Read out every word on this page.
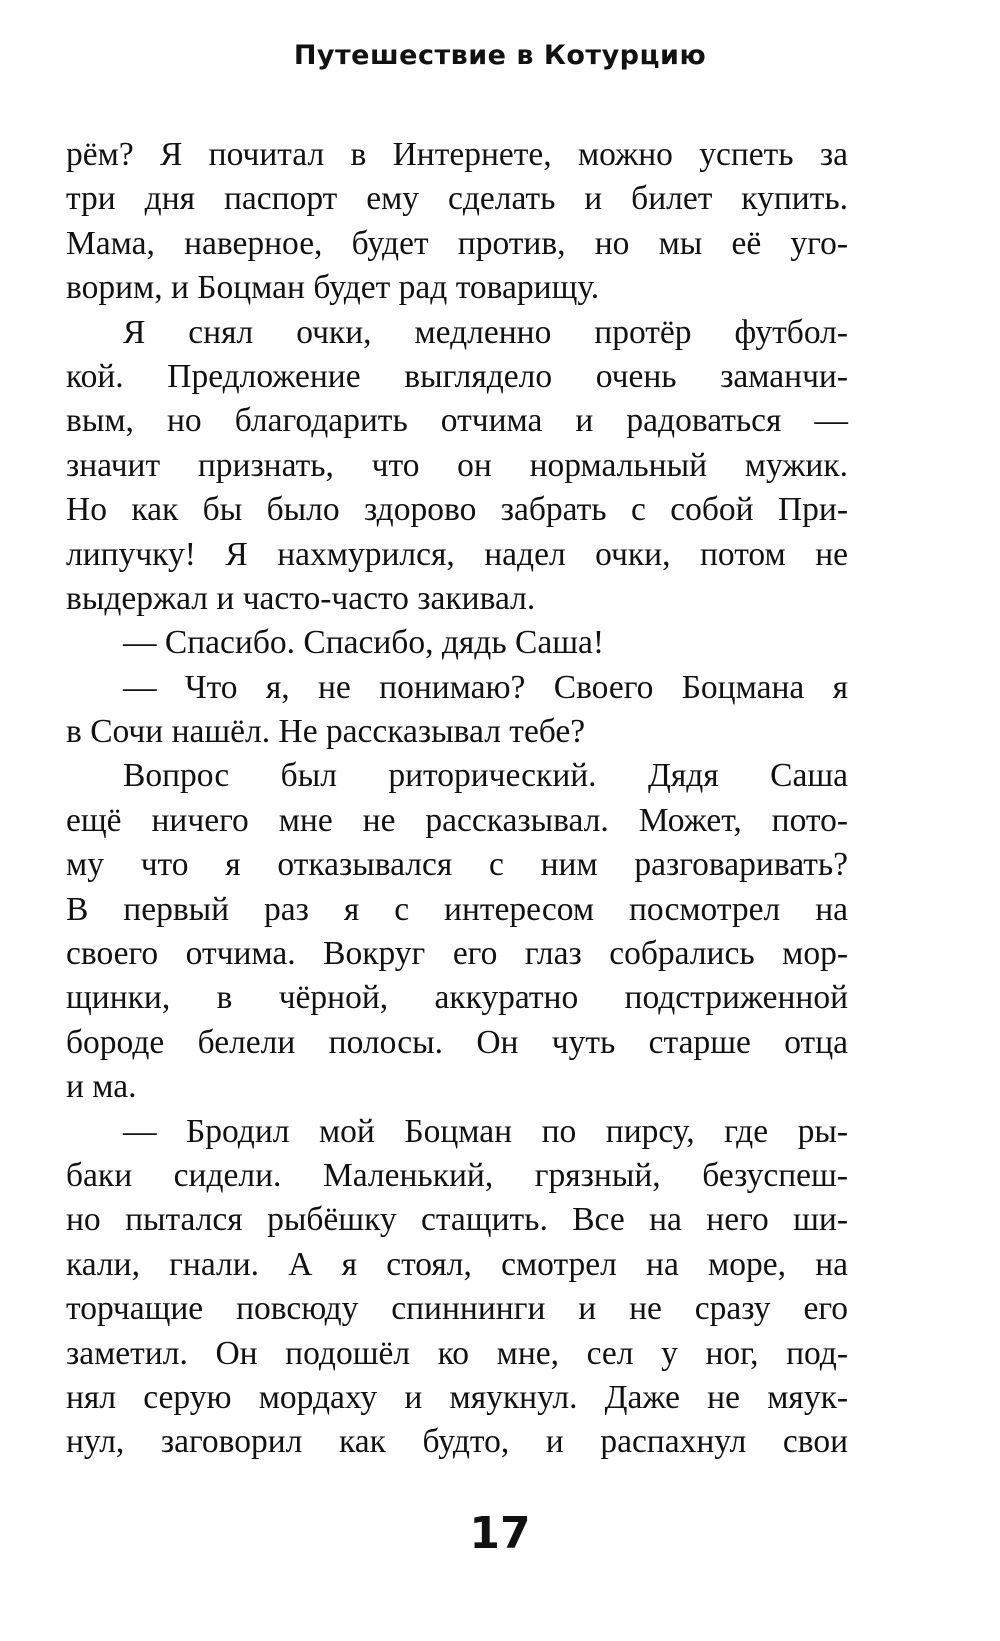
Путешествие в Котурцию
рём? Я почитал в Интернете, можно успеть за
три дня паспорт ему сделать и билет купить.
Мама, наверное, будет против, но мы её уго-
ворим, и Боцман будет рад товарищу.
Я снял очки, медленно протёр футбол-
кой. Предложение выглядело очень заманчи-
вым, но благодарить отчима и радоваться —
значит признать, что он нормальный мужик.
Но как бы было здорово забрать с собой При-
липучку! Я нахмурился, надел очки, потом не
выдержал и часто-часто закивал.
— Спасибо. Спасибо, дядь Саша!
— Что я, не понимаю? Своего Боцмана я
в Сочи нашёл. Не рассказывал тебе?
Вопрос был риторический. Дядя Саша
ещё ничего мне не рассказывал. Может, пото-
му что я отказывался с ним разговаривать?
В первый раз я с интересом посмотрел на
своего отчима. Вокруг его глаз собрались мор-
щинки, в чёрной, аккуратно подстриженной
бороде белели полосы. Он чуть старше отца
и ма.
— Бродил мой Боцман по пирсу, где ры-
баки сидели. Маленький, грязный, безуспеш-
но пытался рыбёшку стащить. Все на него ши-
кали, гнали. А я стоял, смотрел на море, на
торчащие повсюду спиннинги и не сразу его
заметил. Он подошёл ко мне, сел у ног, под-
нял серую мордаху и мяукнул. Даже не мяук-
нул, заговорил как будто, и распахнул свои
17
